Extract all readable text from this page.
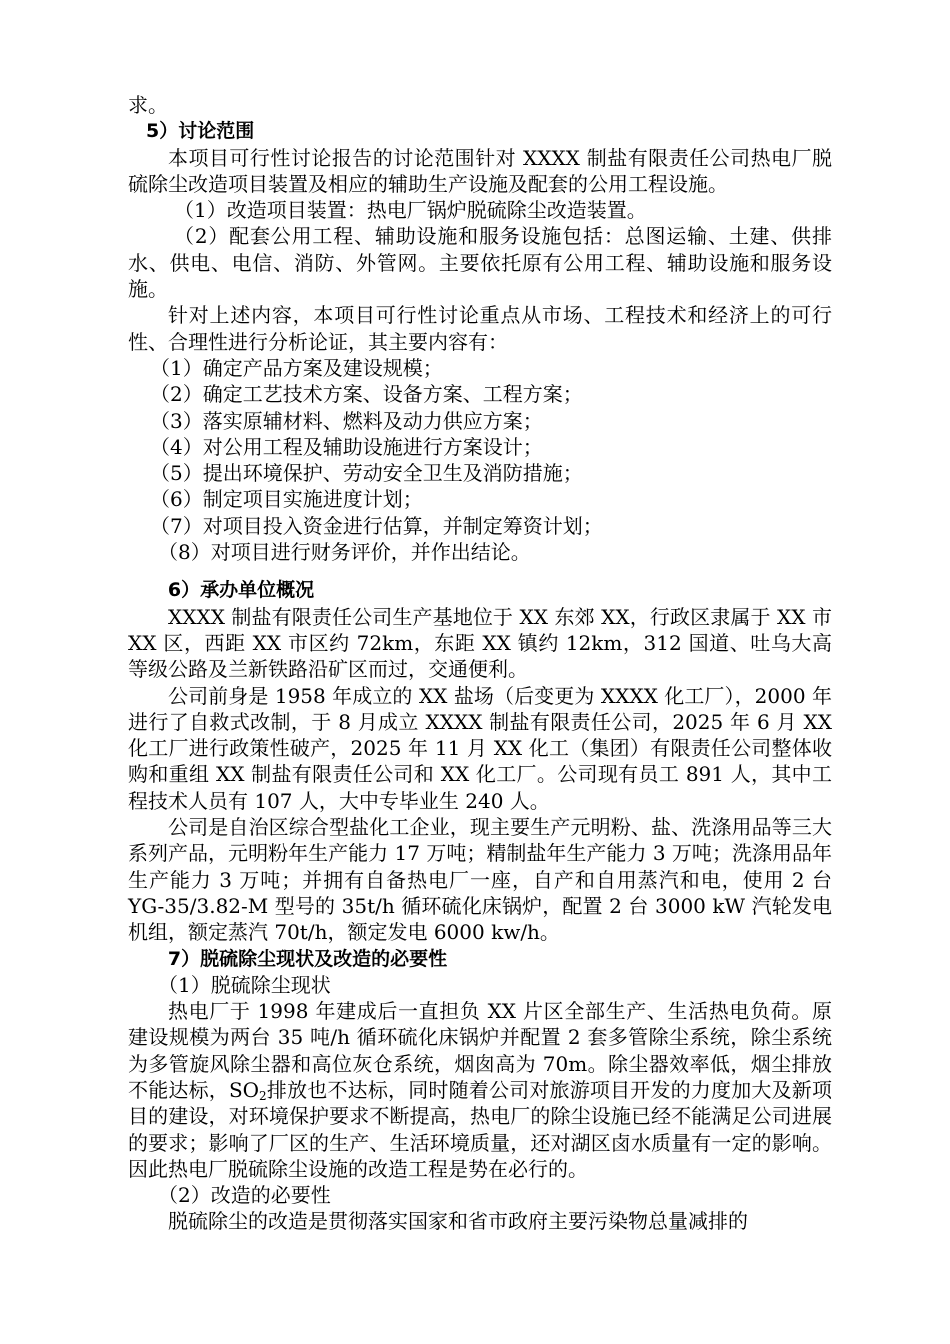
求。

5）讨论范围

本项目可行性讨论报告的讨论范围针对 XXXX 制盐有限责任公司热电厂脱硫除尘改造项目装置及相应的辅助生产设施及配套的公用工程设施。

（1）改造项目装置：热电厂锅炉脱硫除尘改造装置。

（2）配套公用工程、辅助设施和服务设施包括：总图运输、土建、供排水、供电、电信、消防、外管网。主要依托原有公用工程、辅助设施和服务设施。

针对上述内容，本项目可行性讨论重点从市场、工程技术和经济上的可行性、合理性进行分析论证，其主要内容有：

（1）确定产品方案及建设规模；

（2）确定工艺技术方案、设备方案、工程方案；

（3）落实原辅材料、燃料及动力供应方案；

（4）对公用工程及辅助设施进行方案设计；

（5）提出环境保护、劳动安全卫生及消防措施；

（6）制定项目实施进度计划；

（7）对项目投入资金进行估算，并制定筹资计划；

（8）对项目进行财务评价，并作出结论。

6）承办单位概况

XXXX 制盐有限责任公司生产基地位于 XX 东郊 XX，行政区隶属于 XX 市 XX 区，西距 XX 市区约 72km，东距 XX 镇约 12km，312 国道、吐乌大高等级公路及兰新铁路沿矿区而过，交通便利。

公司前身是 1958 年成立的 XX 盐场（后变更为 XXXX 化工厂），2000 年进行了自救式改制，于 8 月成立 XXXX 制盐有限责任公司，2025 年 6 月 XX 化工厂进行政策性破产，2025 年 11 月 XX 化工（集团）有限责任公司整体收购和重组 XX 制盐有限责任公司和 XX 化工厂。公司现有员工 891 人，其中工程技术人员有 107 人，大中专毕业生 240 人。

公司是自治区综合型盐化工企业，现主要生产元明粉、盐、洗涤用品等三大系列产品，元明粉年生产能力 17 万吨；精制盐年生产能力 3 万吨；洗涤用品年生产能力 3 万吨；并拥有自备热电厂一座，自产和自用蒸汽和电，使用 2 台 YG-35/3.82-M 型号的 35t/h 循环硫化床锅炉，配置 2 台 3000 kW 汽轮发电机组，额定蒸汽 70t/h，额定发电 6000 kw/h。

7）脱硫除尘现状及改造的必要性

（1）脱硫除尘现状

热电厂于 1998 年建成后一直担负 XX 片区全部生产、生活热电负荷。原建设规模为两台 35 吨/h 循环硫化床锅炉并配置 2 套多管除尘系统，除尘系统为多管旋风除尘器和高位灰仓系统，烟囱高为 70m。除尘器效率低，烟尘排放不能达标，$SO_2$排放也不达标，同时随着公司对旅游项目开发的力度加大及新项目的建设，对环境保护要求不断提高，热电厂的除尘设施已经不能满足公司进展的要求；影响了厂区的生产、生活环境质量，还对湖区卤水质量有一定的影响。因此热电厂脱硫除尘设施的改造工程是势在必行的。

（2）改造的必要性

脱硫除尘的改造是贯彻落实国家和省市政府主要污染物总量减排的
